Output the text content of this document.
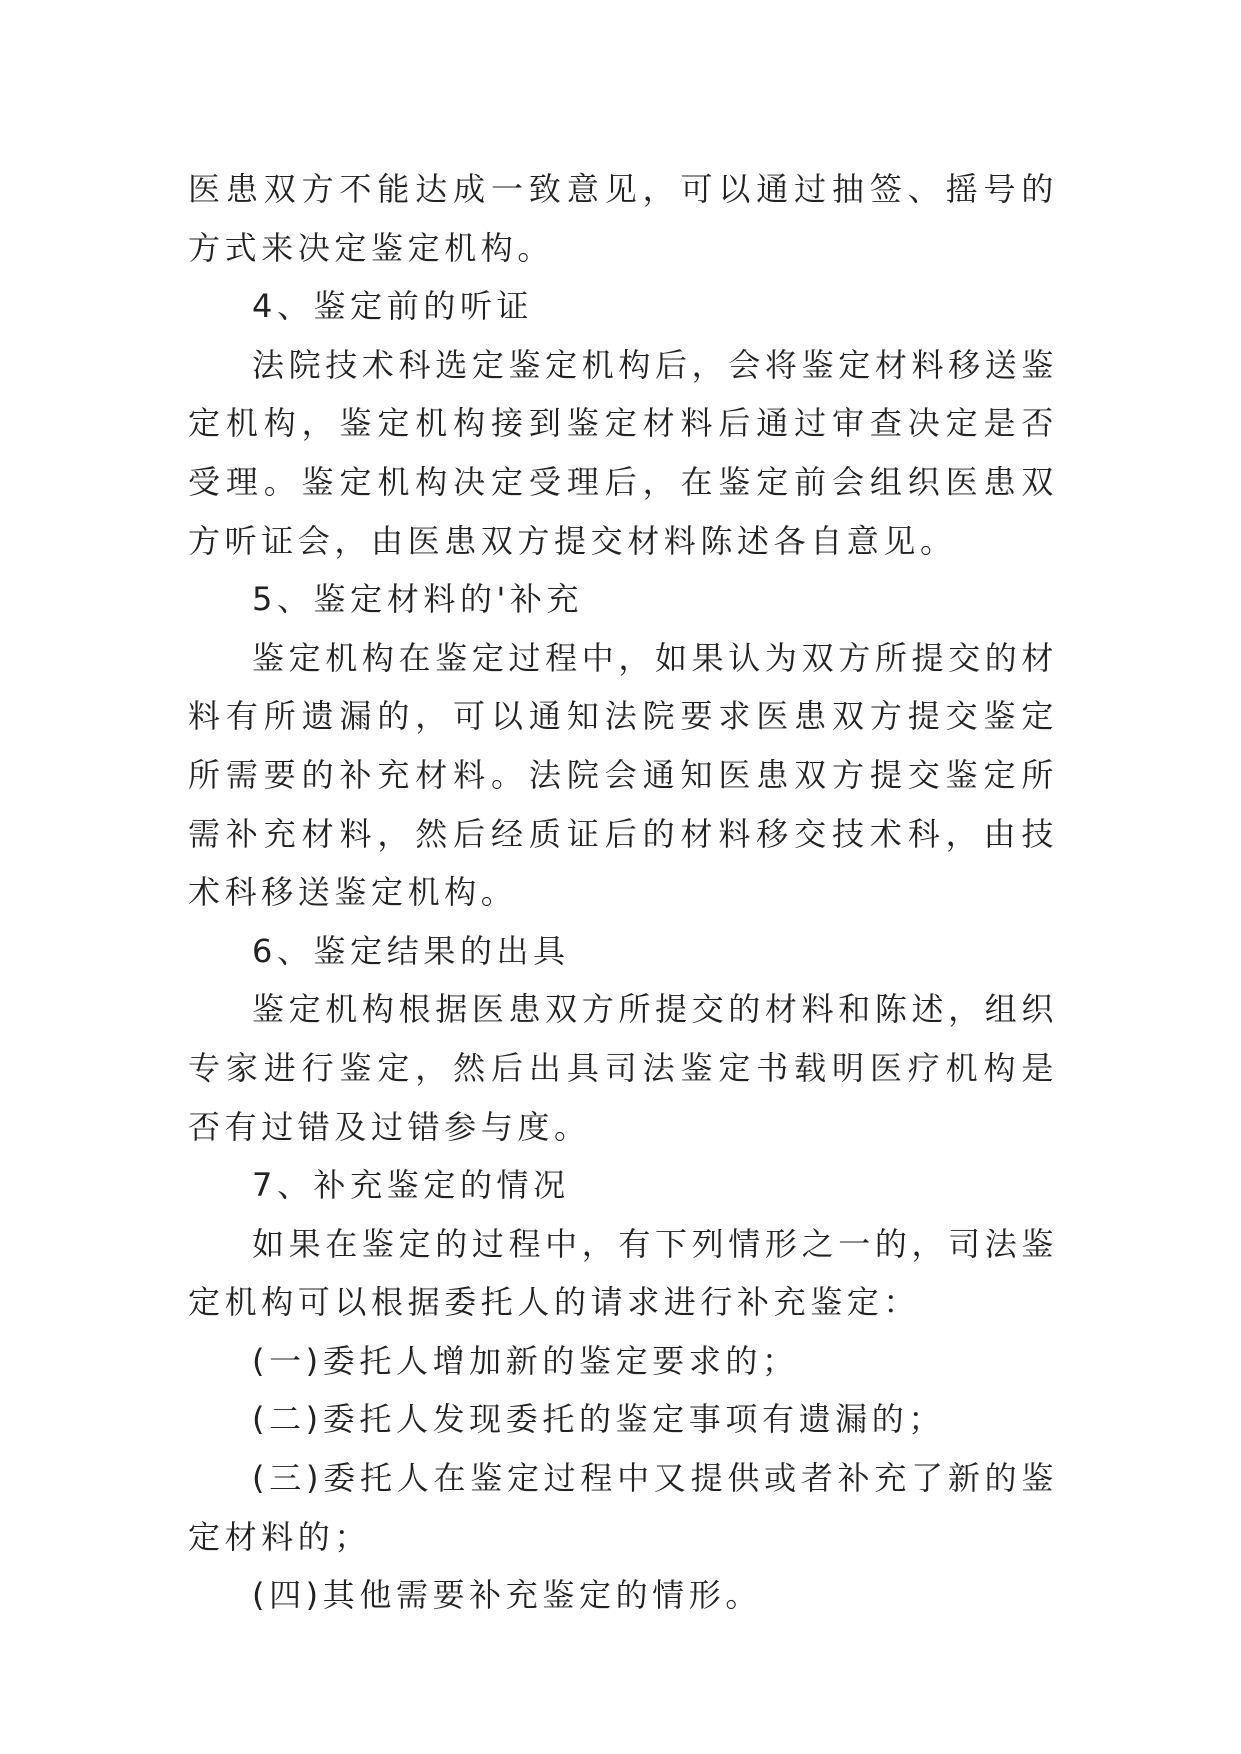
医患双方不能达成一致意见，可以通过抽签、摇号的方式来决定鉴定机构。

4、鉴定前的听证

法院技术科选定鉴定机构后，会将鉴定材料移送鉴定机构，鉴定机构接到鉴定材料后通过审查决定是否受理。鉴定机构决定受理后，在鉴定前会组织医患双方听证会，由医患双方提交材料陈述各自意见。

5、鉴定材料的'补充

鉴定机构在鉴定过程中，如果认为双方所提交的材料有所遗漏的，可以通知法院要求医患双方提交鉴定所需要的补充材料。法院会通知医患双方提交鉴定所需补充材料，然后经质证后的材料移交技术科，由技术科移送鉴定机构。

6、鉴定结果的出具

鉴定机构根据医患双方所提交的材料和陈述，组织专家进行鉴定，然后出具司法鉴定书载明医疗机构是否有过错及过错参与度。

7、补充鉴定的情况

如果在鉴定的过程中，有下列情形之一的，司法鉴定机构可以根据委托人的请求进行补充鉴定：

(一)委托人增加新的鉴定要求的；

(二)委托人发现委托的鉴定事项有遗漏的；

(三)委托人在鉴定过程中又提供或者补充了新的鉴定材料的；

(四)其他需要补充鉴定的情形。
